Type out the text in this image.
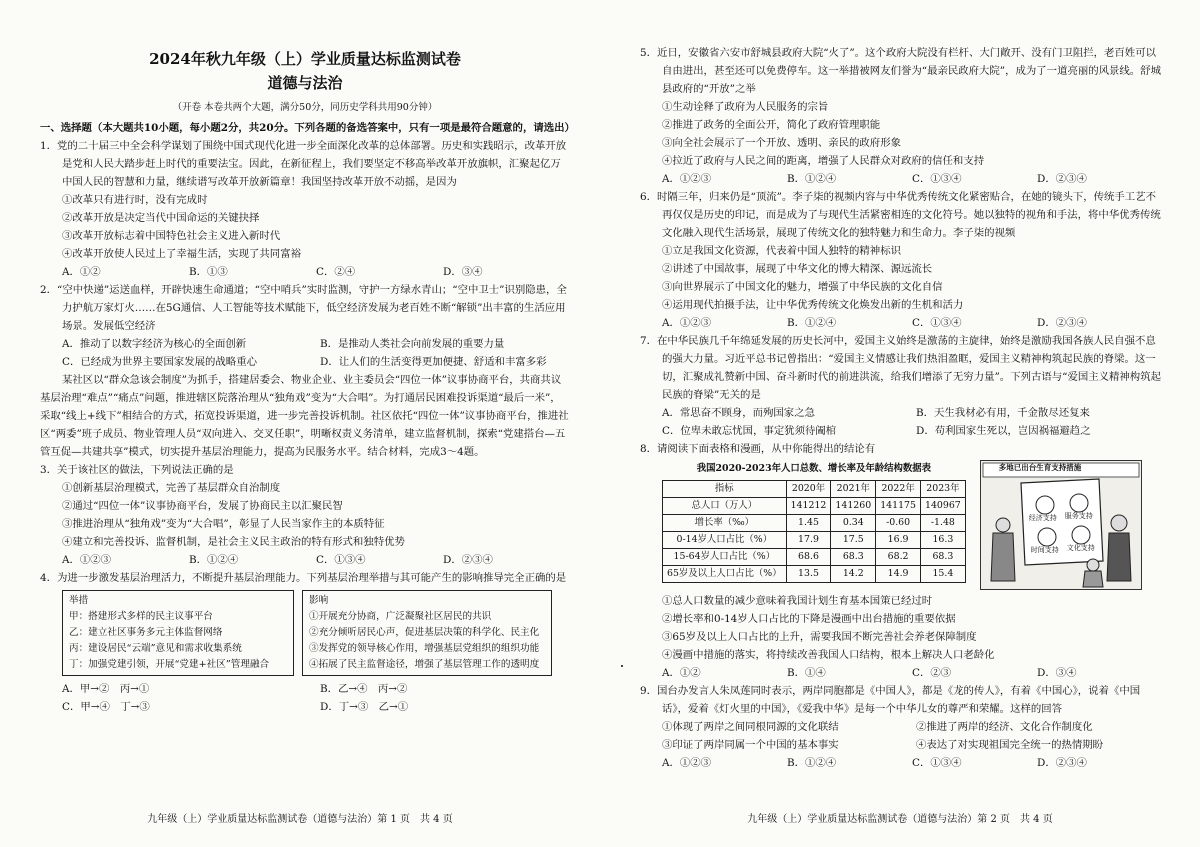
2024年秋九年级（上）学业质量达标监测试卷
道德与法治
（开卷 本卷共两个大题，满分50分，同历史学科共用90分钟）
一、选择题（本大题共10小题，每小题2分，共20分。下列各题的备选答案中，只有一项是最符合题意的，请选出）

1．党的二十届三中全会科学谋划了围绕中国式现代化进一步全面深化改革的总体部署。历史和实践昭示，改革开放是党和人民大踏步赶上时代的重要法宝。因此，在新征程上，我们要坚定不移高举改革开放旗帜，汇聚起亿万中国人民的智慧和力量，继续谱写改革开放新篇章！我国坚持改革开放不动摇，是因为

①改革只有进行时，没有完成时

②改革开放是决定当代中国命运的关键抉择

③改革开放标志着中国特色社会主义进入新时代

④改革开放使人民过上了幸福生活，实现了共同富裕

A．①②	B．①③	C．②④	D．③④

2．“空中快递”运送血样，开辟快速生命通道；“空中哨兵”实时监测，守护一方绿水青山；“空中卫士”识别隐患，全力护航万家灯火……在5G通信、人工智能等技术赋能下，低空经济发展为老百姓不断“解锁”出丰富的生活应用场景。发展低空经济

A．推动了以数字经济为核心的全面创新	B．是推动人类社会向前发展的重要力量
C．已经成为世界主要国家发展的战略重心	D．让人们的生活变得更加便捷、舒适和丰富多彩

某社区以“群众急该会制度”为抓手，搭建居委会、物业企业、业主委员会“四位一体”议事协商平台，共商共议基层治理“难点”“痛点”问题，推进辖区院落治理从“独角戏”变为“大合唱”。为打通居民困难投诉渠道“最后一米”，采取“线上+线下”相结合的方式，拓宽投诉渠道，进一步完善投诉机制。社区依托“四位一体”议事协商平台，推进社区“两委”班子成员、物业管理人员“双向进入、交叉任职”，明晰权责义务清单，建立监督机制，探索“党建搭台—五管互促—共建共享”模式，切实提升基层治理能力，提高为民服务水平。结合材料，完成3～4题。

3．关于该社区的做法，下列说法正确的是

①创新基层治理模式，完善了基层群众自治制度

②通过“四位一体”议事协商平台，发展了协商民主以汇聚民智

③推进治理从“独角戏”变为“大合唱”，彰显了人民当家作主的本质特征

④建立和完善投诉、监督机制，是社会主义民主政治的特有形式和独特优势

A．①②③	B．①②④	C．①③④	D．②③④

4．为进一步激发基层治理活力，不断提升基层治理能力。下列基层治理举措与其可能产生的影响推导完全正确的是

举措
甲：搭建形式多样的民主议事平台
乙：建立社区事务多元主体监督网络
丙：建设居民“云端”意见和需求收集系统
丁：加强党建引领，开展“党建+社区”管理融合
影响
①开展充分协商，广泛凝聚社区居民的共识
②充分倾听居民心声，促进基层决策的科学化、民主化
③发挥党的领导核心作用，增强基层党组织的组织功能
④拓展了民主监督途径，增强了基层管理工作的透明度
A．甲→②　丙→①	B．乙→④　丙→②
C．甲→④　丁→③	D．丁→③　乙→①
九年级（上）学业质量达标监测试卷（道德与法治）第 1 页　共 4 页

5．近日，安徽省六安市舒城县政府大院“火了”。这个政府大院没有栏杆、大门敞开、没有门卫阻拦，老百姓可以自由进出，甚至还可以免费停车。这一举措被网友们誉为“最亲民政府大院”，成为了一道亮丽的风景线。舒城县政府的“开放”之举

①生动诠释了政府为人民服务的宗旨

②推进了政务的全面公开，简化了政府管理职能

③向全社会展示了一个开放、透明、亲民的政府形象

④拉近了政府与人民之间的距离，增强了人民群众对政府的信任和支持

A．①②③	B．①②④	C．①③④	D．②③④

6．时隔三年，归来仍是“顶流”。李子柒的视频内容与中华优秀传统文化紧密贴合，在她的镜头下，传统手工艺不再仅仅是历史的印记，而是成为了与现代生活紧密相连的文化符号。她以独特的视角和手法，将中华优秀传统文化融入现代生活场景，展现了传统文化的独特魅力和生命力。李子柒的视频

①立足我国文化资源，代表着中国人独特的精神标识

②讲述了中国故事，展现了中华文化的博大精深、源远流长

③向世界展示了中国文化的魅力，增强了中华民族的文化自信

④运用现代拍摄手法，让中华优秀传统文化焕发出新的生机和活力

A．①②③	B．①②④	C．①③④	D．②③④

7．在中华民族几千年绵延发展的历史长河中，爱国主义始终是激荡的主旋律，始终是激励我国各族人民自强不息的强大力量。习近平总书记曾指出：“爱国主义情感让我们热泪盈眶，爱国主义精神构筑起民族的脊梁。这一切，汇聚成礼赞新中国、奋斗新时代的前进洪流，给我们增添了无穷力量”。下列古语与“爱国主义精神构筑起民族的脊梁”无关的是

A．常思奋不顾身，而殉国家之急	B．天生我材必有用，千金散尽还复来
C．位卑未敢忘忧国，事定犹须待阖棺	D．苟利国家生死以，岂因祸福避趋之

8．请阅读下面表格和漫画，从中你能得出的结论有

我国2020-2023年人口总数、增长率及年龄结构数据表
指标	2020年	2021年	2022年	2023年
总人口（万人）	141212	141260	141175	140967
增长率（‰）	1.45	0.34	-0.60	-1.48
0-14岁人口占比（%）	17.9	17.5	16.9	16.3
15-64岁人口占比（%）	68.6	68.3	68.2	68.3
65岁及以上人口占比（%）	13.5	14.2	14.9	15.4
多地已出台生育支持措施
经济支持 服务支持
时间支持 文化支持

①总人口数量的减少意味着我国计划生育基本国策已经过时

②增长率和0-14岁人口占比的下降是漫画中出台措施的重要依据

③65岁及以上人口占比的上升，需要我国不断完善社会养老保障制度

④漫画中措施的落实，将持续改善我国人口结构，根本上解决人口老龄化

A．①②	B．①④	C．②③	D．③④

9．国台办发言人朱凤莲同时表示，两岸同胞都是《中国人》，都是《龙的传人》，有着《中国心》，说着《中国话》，爱着《灯火里的中国》，《爱我中华》是每一个中华儿女的尊严和荣耀。这样的回答

①体现了两岸之间同根同源的文化联结	②推进了两岸的经济、文化合作制度化
③印证了两岸同属一个中国的基本事实	④表达了对实现祖国完全统一的热情期盼
A．①②③	B．①②④	C．①③④	D．②③④
九年级（上）学业质量达标监测试卷（道德与法治）第 2 页　共 4 页
